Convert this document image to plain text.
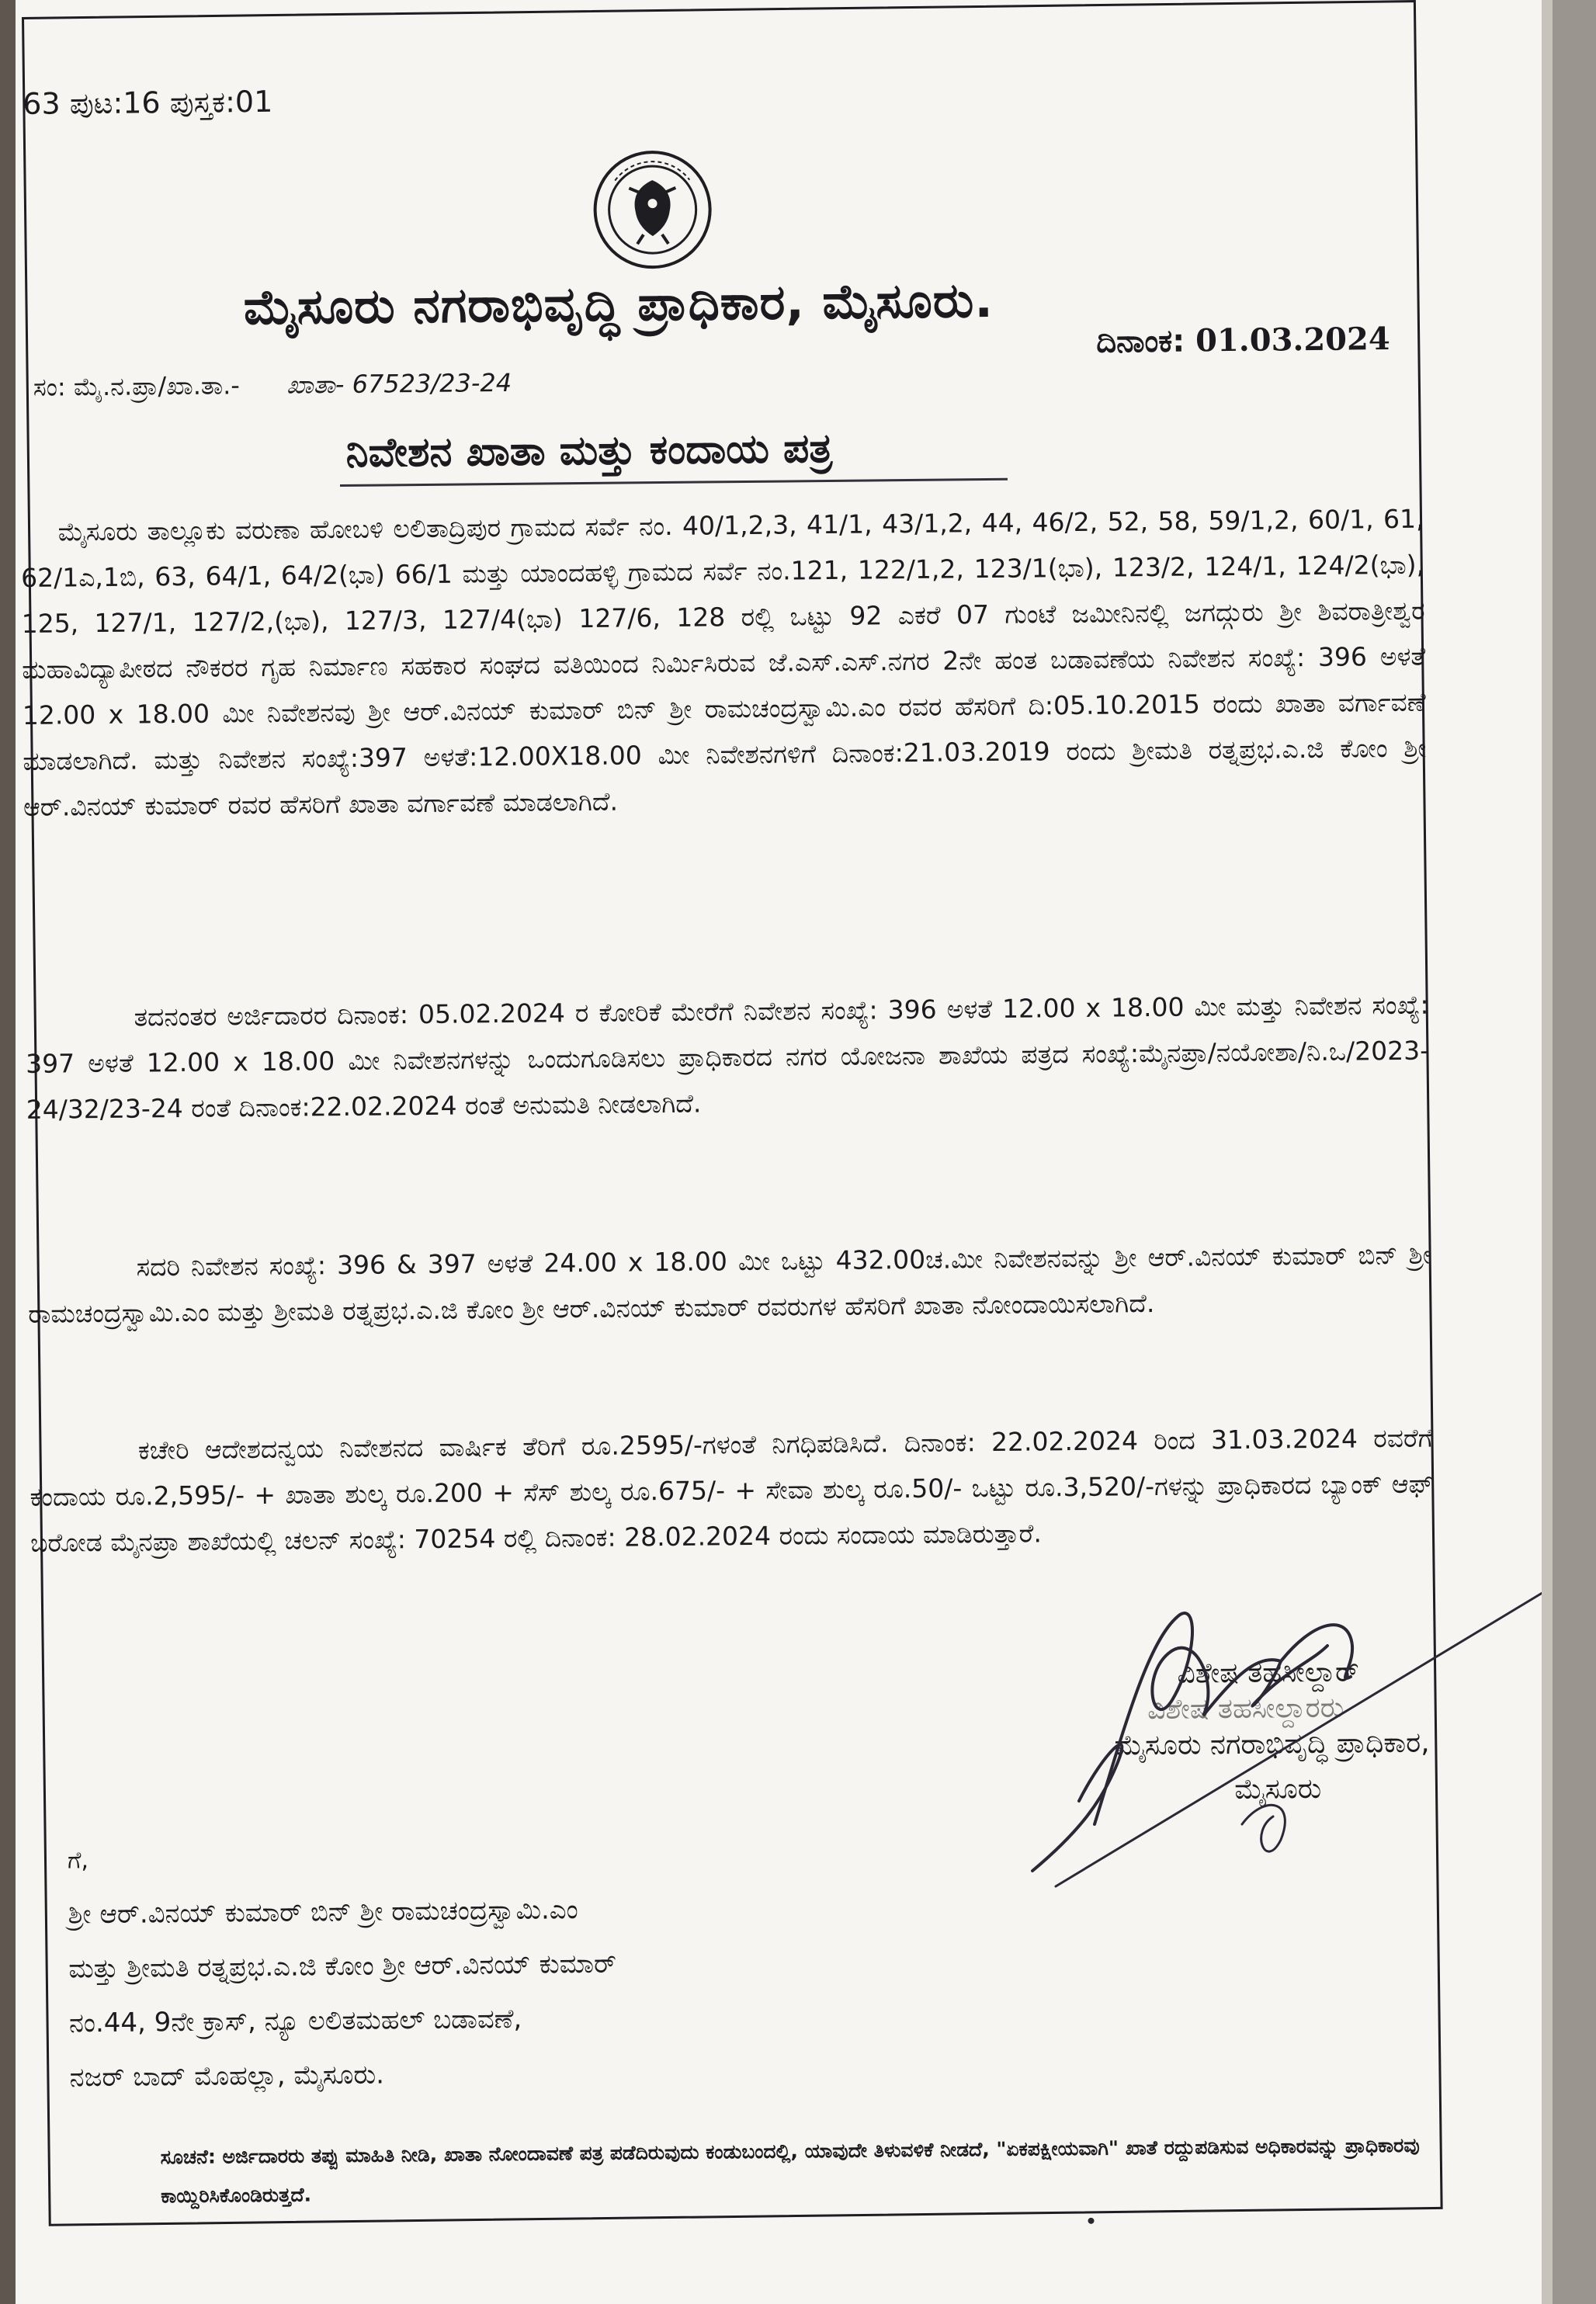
63 ಪುಟ:16 ಪುಸ್ತಕ:01
ಮೈಸೂರು ನಗರಾಭಿವೃದ್ಧಿ ಪ್ರಾಧಿಕಾರ, ಮೈಸೂರು.
ದಿನಾಂಕ: 01.03.2024
ಸಂ: ಮೈ.ನ.ಪ್ರಾ/ಖಾ.ತಾ.- ಖಾತಾ- 67523/23-24
ನಿವೇಶನ ಖಾತಾ ಮತ್ತು ಕಂದಾಯ ಪತ್ರ
ಮೈಸೂರು ತಾಲ್ಲೂಕು ವರುಣಾ ಹೋಬಳಿ ಲಲಿತಾದ್ರಿಪುರ ಗ್ರಾಮದ ಸರ್ವೆ ನಂ. 40/1,2,3, 41/1, 43/1,2, 44, 46/2, 52, 58, 59/1,2, 60/1, 61, 62/1ಎ,1ಬಿ, 63, 64/1, 64/2(ಭಾ) 66/1 ಮತ್ತು ಯಾಂದಹಳ್ಳಿ ಗ್ರಾಮದ ಸರ್ವೆ ನಂ.121, 122/1,2, 123/1(ಭಾ), 123/2, 124/1, 124/2(ಭಾ), 125, 127/1, 127/2,(ಭಾ), 127/3, 127/4(ಭಾ) 127/6, 128 ರಲ್ಲಿ ಒಟ್ಟು 92 ಎಕರೆ 07 ಗುಂಟೆ ಜಮೀನಿನಲ್ಲಿ ಜಗದ್ಗುರು ಶ್ರೀ ಶಿವರಾತ್ರೀಶ್ವರ ಮಹಾವಿದ್ಯಾಪೀಠದ ನೌಕರರ ಗೃಹ ನಿರ್ಮಾಣ ಸಹಕಾರ ಸಂಘದ ವತಿಯಿಂದ ನಿರ್ಮಿಸಿರುವ ಜೆ.ಎಸ್.ಎಸ್.ನಗರ 2ನೇ ಹಂತ ಬಡಾವಣೆಯ ನಿವೇಶನ ಸಂಖ್ಯೆ: 396 ಅಳತೆ 12.00 x 18.00 ಮೀ ನಿವೇಶನವು ಶ್ರೀ ಆರ್.ವಿನಯ್ ಕುಮಾರ್ ಬಿನ್ ಶ್ರೀ ರಾಮಚಂದ್ರಸ್ವಾಮಿ.ಎಂ ರವರ ಹೆಸರಿಗೆ ದಿ:05.10.2015 ರಂದು ಖಾತಾ ವರ್ಗಾವಣೆ ಮಾಡಲಾಗಿದೆ. ಮತ್ತು ನಿವೇಶನ ಸಂಖ್ಯೆ:397 ಅಳತೆ:12.00X18.00 ಮೀ ನಿವೇಶನಗಳಿಗೆ ದಿನಾಂಕ:21.03.2019 ರಂದು ಶ್ರೀಮತಿ ರತ್ನಪ್ರಭ.ಎ.ಜಿ ಕೋಂ ಶ್ರೀ ಆರ್.ವಿನಯ್ ಕುಮಾರ್ ರವರ ಹೆಸರಿಗೆ ಖಾತಾ ವರ್ಗಾವಣೆ ಮಾಡಲಾಗಿದೆ.
ತದನಂತರ ಅರ್ಜಿದಾರರ ದಿನಾಂಕ: 05.02.2024 ರ ಕೋರಿಕೆ ಮೇರೆಗೆ ನಿವೇಶನ ಸಂಖ್ಯೆ: 396 ಅಳತೆ 12.00 x 18.00 ಮೀ ಮತ್ತು ನಿವೇಶನ ಸಂಖ್ಯೆ: 397 ಅಳತೆ 12.00 x 18.00 ಮೀ ನಿವೇಶನಗಳನ್ನು ಒಂದುಗೂಡಿಸಲು ಪ್ರಾಧಿಕಾರದ ನಗರ ಯೋಜನಾ ಶಾಖೆಯ ಪತ್ರದ ಸಂಖ್ಯೆ:ಮೈನಪ್ರಾ/ನಯೋಶಾ/ನಿ.ಒ/2023-24/32/23-24 ರಂತೆ ದಿನಾಂಕ:22.02.2024 ರಂತೆ ಅನುಮತಿ ನೀಡಲಾಗಿದೆ.
ಸದರಿ ನಿವೇಶನ ಸಂಖ್ಯೆ: 396 & 397 ಅಳತೆ 24.00 x 18.00 ಮೀ ಒಟ್ಟು 432.00ಚ.ಮೀ ನಿವೇಶನವನ್ನು ಶ್ರೀ ಆರ್.ವಿನಯ್ ಕುಮಾರ್ ಬಿನ್ ಶ್ರೀ ರಾಮಚಂದ್ರಸ್ವಾಮಿ.ಎಂ ಮತ್ತು ಶ್ರೀಮತಿ ರತ್ನಪ್ರಭ.ಎ.ಜಿ ಕೋಂ ಶ್ರೀ ಆರ್.ವಿನಯ್ ಕುಮಾರ್ ರವರುಗಳ ಹೆಸರಿಗೆ ಖಾತಾ ನೋಂದಾಯಿಸಲಾಗಿದೆ.
ಕಚೇರಿ ಆದೇಶದನ್ವಯ ನಿವೇಶನದ ವಾರ್ಷಿಕ ತೆರಿಗೆ ರೂ.2595/-ಗಳಂತೆ ನಿಗಧಿಪಡಿಸಿದೆ. ದಿನಾಂಕ: 22.02.2024 ರಿಂದ 31.03.2024 ರವರೆಗೆ ಕಂದಾಯ ರೂ.2,595/- + ಖಾತಾ ಶುಲ್ಕ ರೂ.200 + ಸೆಸ್ ಶುಲ್ಕ ರೂ.675/- + ಸೇವಾ ಶುಲ್ಕ ರೂ.50/- ಒಟ್ಟು ರೂ.3,520/-ಗಳನ್ನು ಪ್ರಾಧಿಕಾರದ ಬ್ಯಾಂಕ್ ಆಫ್ ಬರೋಡ ಮೈನಪ್ರಾ ಶಾಖೆಯಲ್ಲಿ ಚಲನ್ ಸಂಖ್ಯೆ: 70254 ರಲ್ಲಿ ದಿನಾಂಕ: 28.02.2024 ರಂದು ಸಂದಾಯ ಮಾಡಿರುತ್ತಾರೆ.
ವಿಶೇಷ ತಹಸೀಲ್ದಾರ್
ವಿಶೇಷ ತಹಸೀಲ್ದಾರರು
ಮೈಸೂರು ನಗರಾಭಿವೃದ್ಧಿ ಪ್ರಾಧಿಕಾರ,
ಮೈಸೂರು
ಗೆ,
ಶ್ರೀ ಆರ್.ವಿನಯ್ ಕುಮಾರ್ ಬಿನ್ ಶ್ರೀ ರಾಮಚಂದ್ರಸ್ವಾಮಿ.ಎಂ
ಮತ್ತು ಶ್ರೀಮತಿ ರತ್ನಪ್ರಭ.ಎ.ಜಿ ಕೋಂ ಶ್ರೀ ಆರ್.ವಿನಯ್ ಕುಮಾರ್
ನಂ.44, 9ನೇ ಕ್ರಾಸ್, ನ್ಯೂ ಲಲಿತಮಹಲ್ ಬಡಾವಣೆ,
ನಜರ್ ಬಾದ್ ಮೊಹಲ್ಲಾ, ಮೈಸೂರು.
ಸೂಚನೆ: ಅರ್ಜಿದಾರರು ತಪ್ಪು ಮಾಹಿತಿ ನೀಡಿ, ಖಾತಾ ನೋಂದಾವಣೆ ಪತ್ರ ಪಡೆದಿರುವುದು ಕಂಡುಬಂದಲ್ಲಿ, ಯಾವುದೇ ತಿಳುವಳಿಕೆ ನೀಡದೆ, "ಏಕಪಕ್ಷೀಯವಾಗಿ" ಖಾತೆ ರದ್ದುಪಡಿಸುವ ಅಧಿಕಾರವನ್ನು ಪ್ರಾಧಿಕಾರವು ಕಾಯ್ದಿರಿಸಿಕೊಂಡಿರುತ್ತದೆ.
